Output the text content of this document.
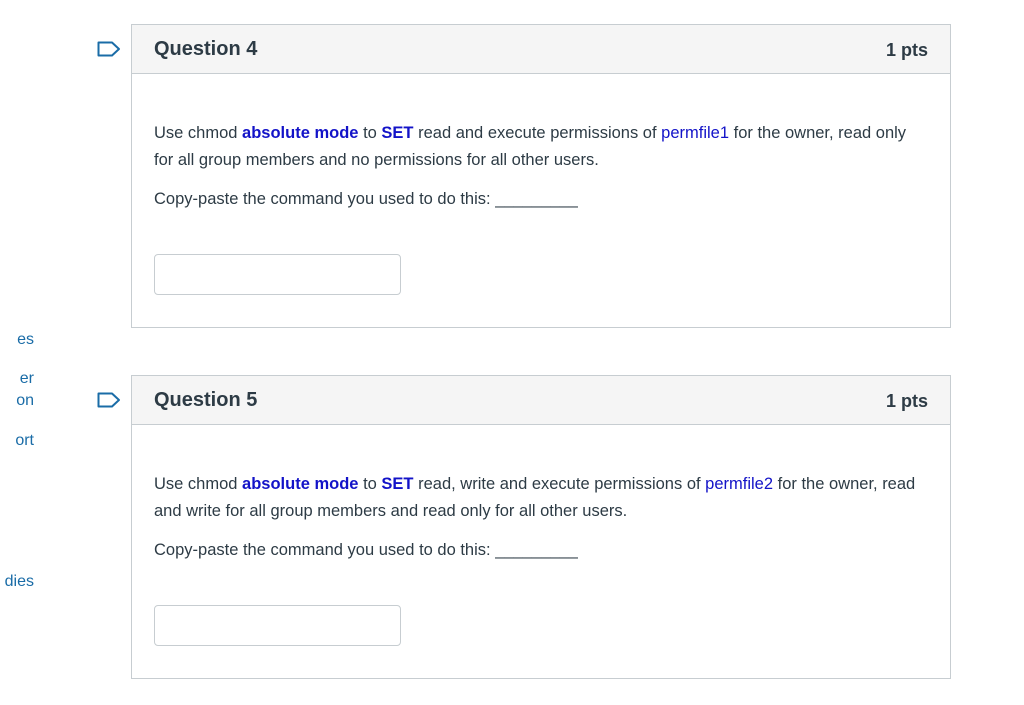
es
er
on
ort
dies
Question 4	1 pts

Use chmod absolute mode to SET read and execute permissions of permfile1 for the owner, read only for all group members and no permissions for all other users.

Copy-paste the command you used to do this: _________

Question 5	1 pts

Use chmod absolute mode to SET read, write and execute permissions of permfile2 for the owner, read and write for all group members and read only for all other users.

Copy-paste the command you used to do this: _________
